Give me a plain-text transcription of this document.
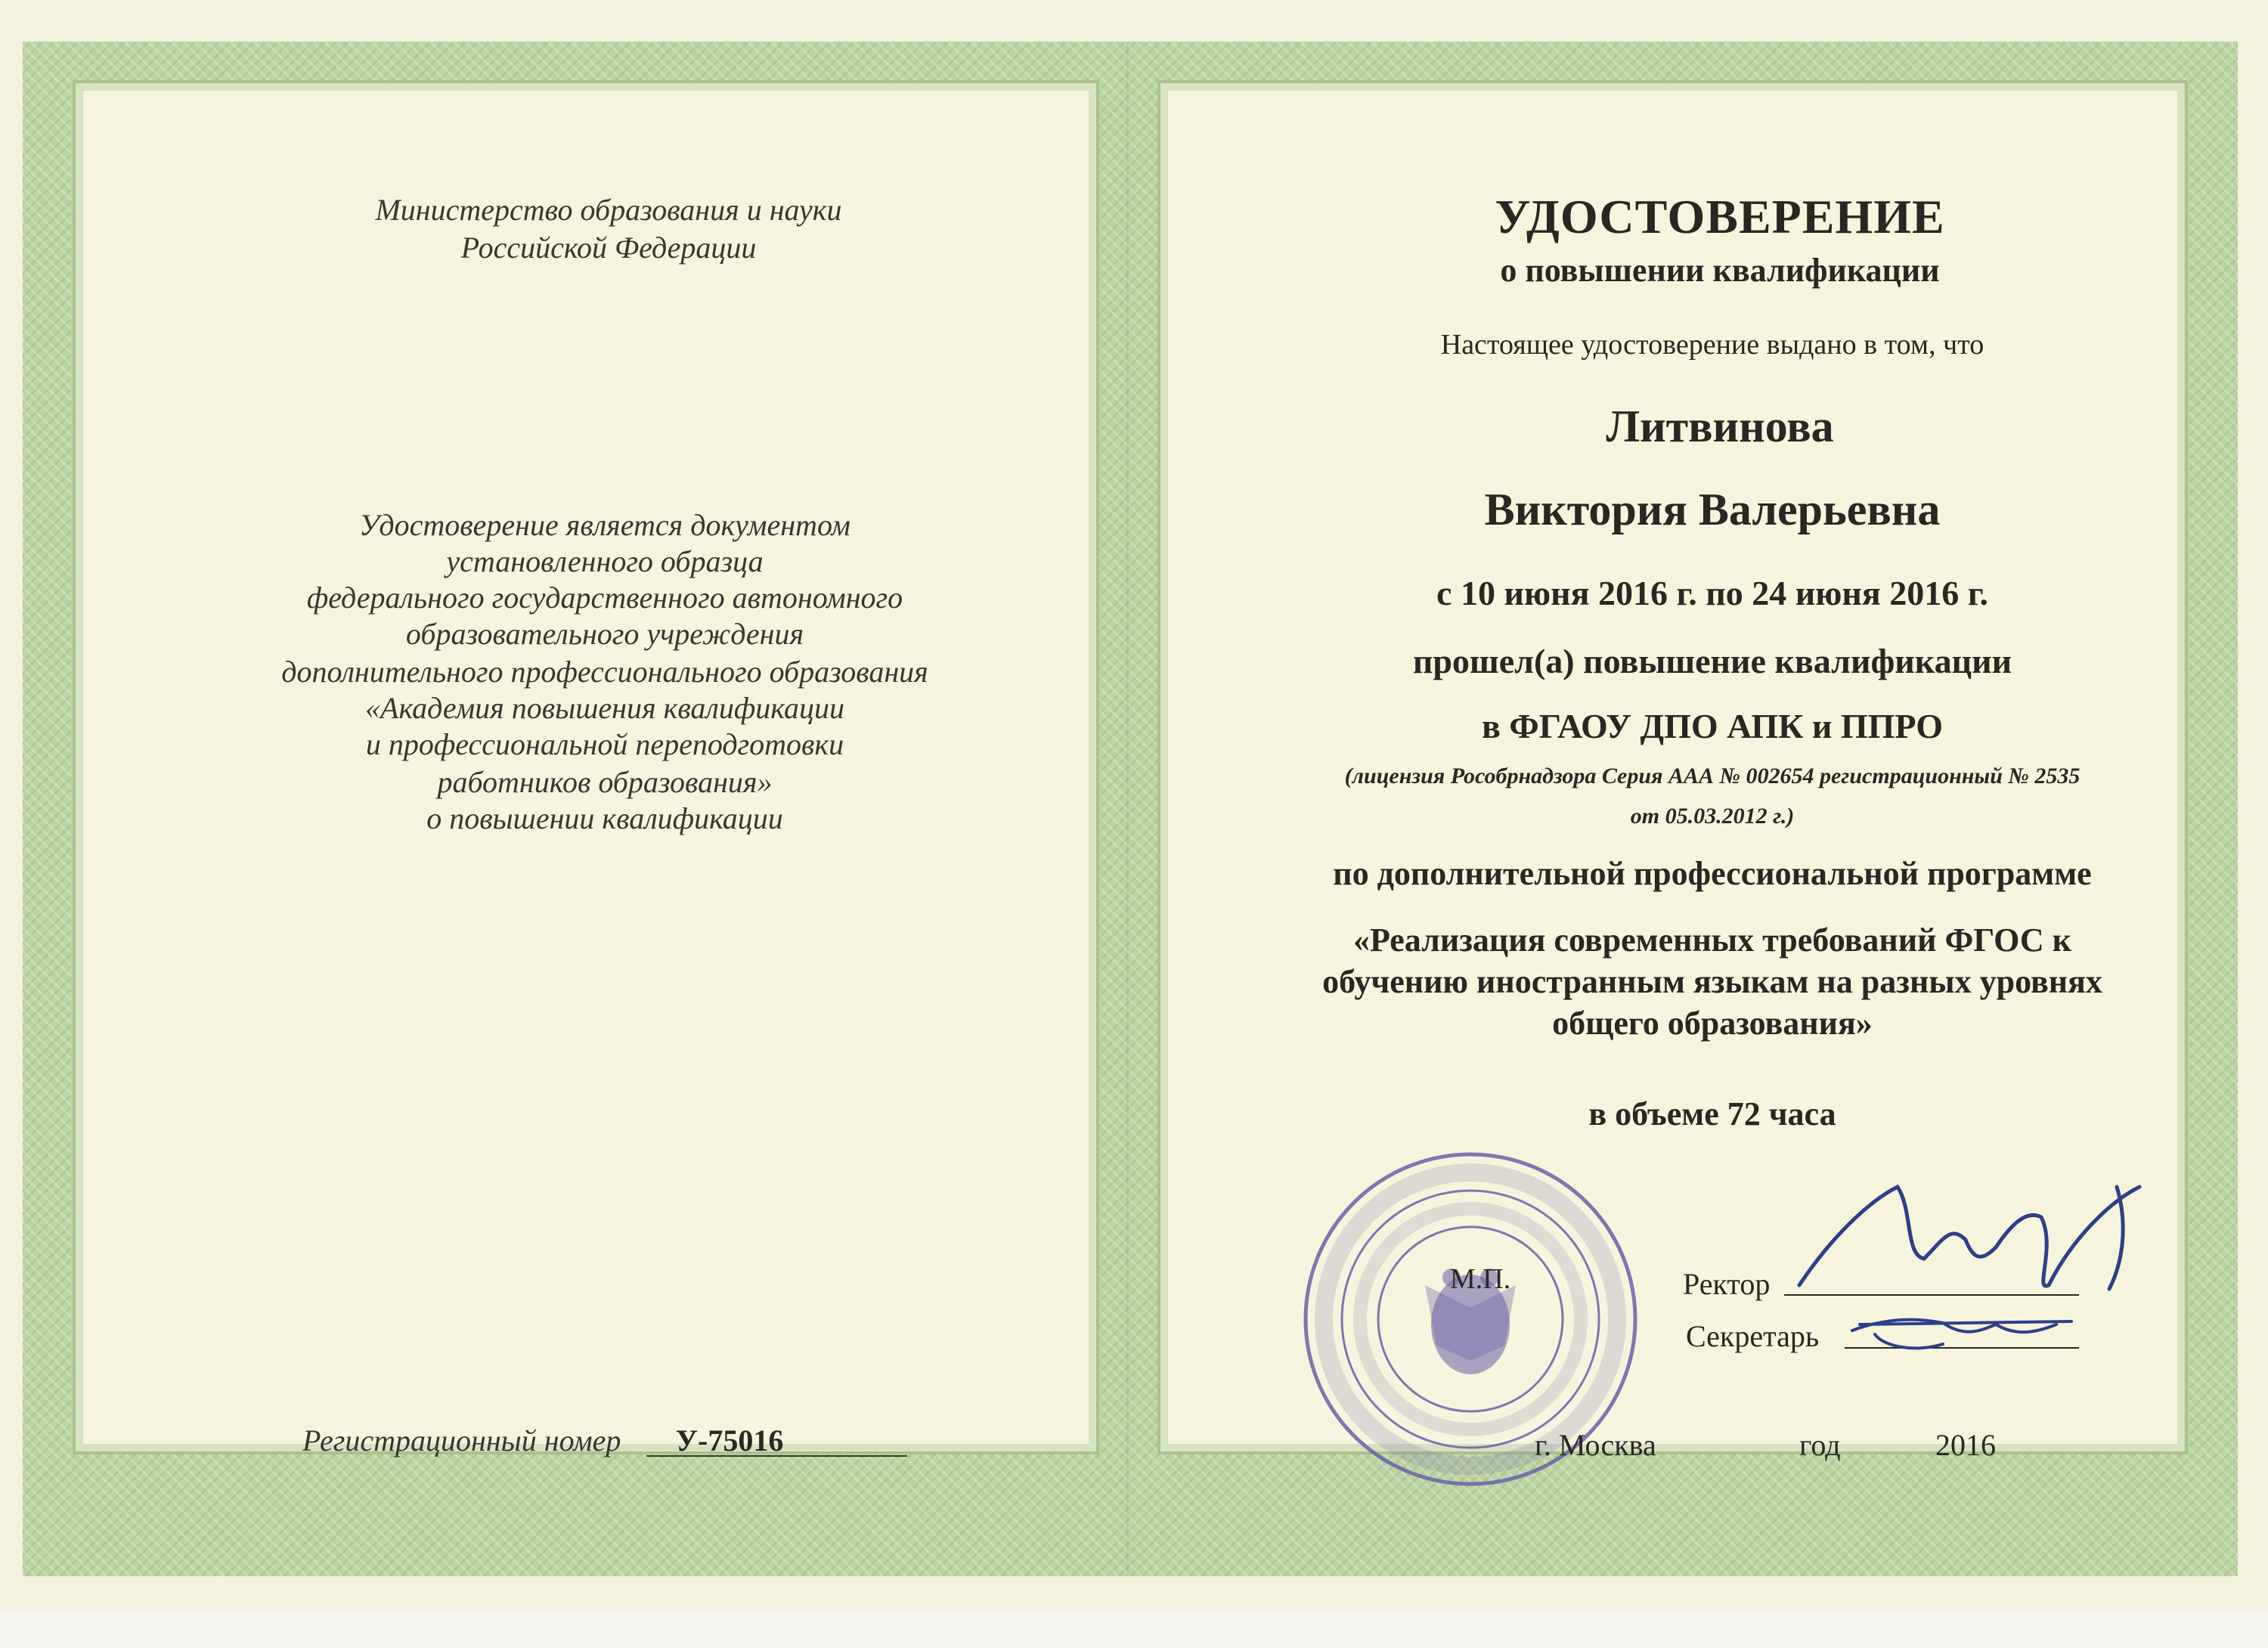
Министерство образования и науки
Российской Федерации
Удостоверение является документом
установленного образца
федерального государственного автономного
образовательного учреждения
дополнительного профессионального образования
«Академия повышения квалификации
и профессиональной переподготовки
работников образования»
о повышении квалификации
Регистрационный номер	У-75016
УДОСТОВЕРЕНИЕ
о повышении квалификации
Настоящее удостоверение выдано в том, что
Литвинова
Виктория Валерьевна
с 10 июня 2016 г. по 24 июня 2016 г.
прошел(а) повышение квалификации
в ФГАОУ ДПО АПК и ППРО
(лицензия Рособрнадзора Серия ААА № 002654 регистрационный № 2535
от 05.03.2012 г.)
по дополнительной профессиональной программе
«Реализация современных требований ФГОС к
обучению иностранным языкам на разных уровнях
общего образования»
в объеме 72 часа
М.П.	Ректор
Секретарь
г. Москва	год	2016
